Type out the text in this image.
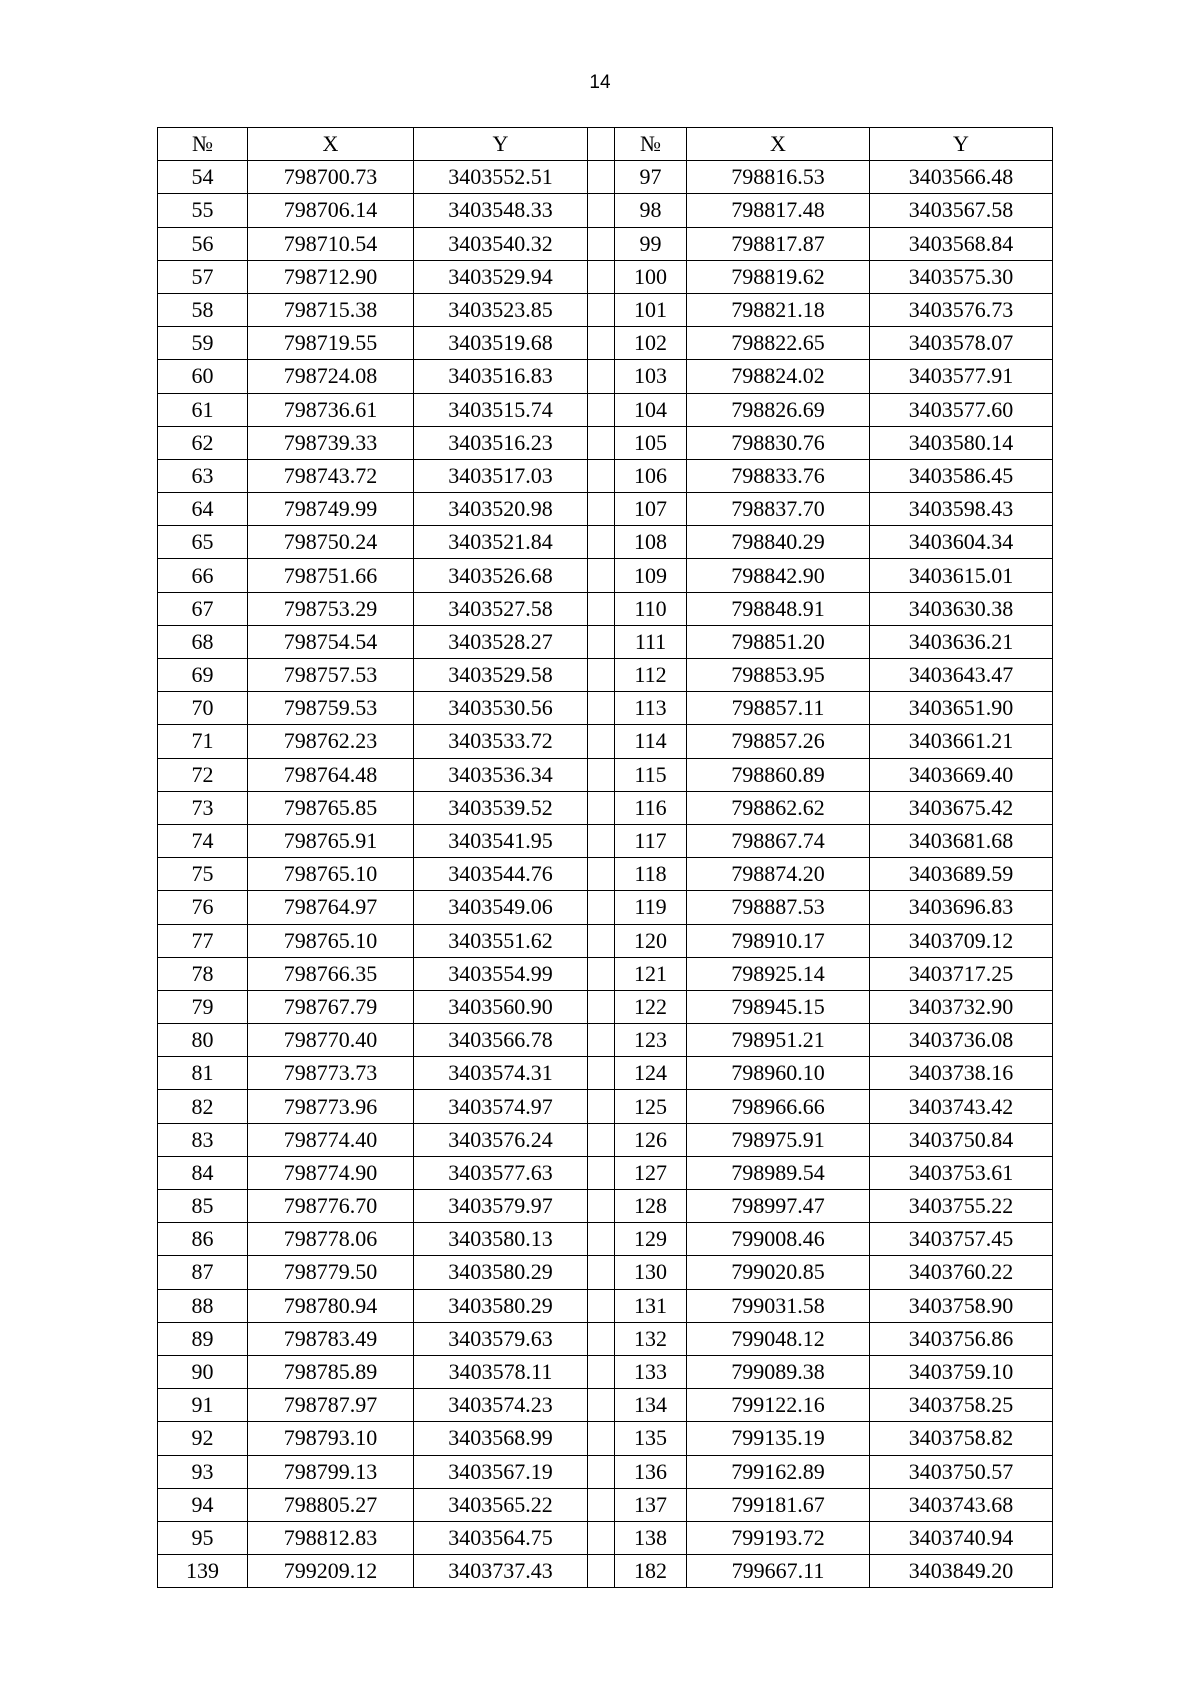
14
№	X	Y		№	X	Y
54	798700.73	3403552.51		97	798816.53	3403566.48
55	798706.14	3403548.33		98	798817.48	3403567.58
56	798710.54	3403540.32		99	798817.87	3403568.84
57	798712.90	3403529.94		100	798819.62	3403575.30
58	798715.38	3403523.85		101	798821.18	3403576.73
59	798719.55	3403519.68		102	798822.65	3403578.07
60	798724.08	3403516.83		103	798824.02	3403577.91
61	798736.61	3403515.74		104	798826.69	3403577.60
62	798739.33	3403516.23		105	798830.76	3403580.14
63	798743.72	3403517.03		106	798833.76	3403586.45
64	798749.99	3403520.98		107	798837.70	3403598.43
65	798750.24	3403521.84		108	798840.29	3403604.34
66	798751.66	3403526.68		109	798842.90	3403615.01
67	798753.29	3403527.58		110	798848.91	3403630.38
68	798754.54	3403528.27		111	798851.20	3403636.21
69	798757.53	3403529.58		112	798853.95	3403643.47
70	798759.53	3403530.56		113	798857.11	3403651.90
71	798762.23	3403533.72		114	798857.26	3403661.21
72	798764.48	3403536.34		115	798860.89	3403669.40
73	798765.85	3403539.52		116	798862.62	3403675.42
74	798765.91	3403541.95		117	798867.74	3403681.68
75	798765.10	3403544.76		118	798874.20	3403689.59
76	798764.97	3403549.06		119	798887.53	3403696.83
77	798765.10	3403551.62		120	798910.17	3403709.12
78	798766.35	3403554.99		121	798925.14	3403717.25
79	798767.79	3403560.90		122	798945.15	3403732.90
80	798770.40	3403566.78		123	798951.21	3403736.08
81	798773.73	3403574.31		124	798960.10	3403738.16
82	798773.96	3403574.97		125	798966.66	3403743.42
83	798774.40	3403576.24		126	798975.91	3403750.84
84	798774.90	3403577.63		127	798989.54	3403753.61
85	798776.70	3403579.97		128	798997.47	3403755.22
86	798778.06	3403580.13		129	799008.46	3403757.45
87	798779.50	3403580.29		130	799020.85	3403760.22
88	798780.94	3403580.29		131	799031.58	3403758.90
89	798783.49	3403579.63		132	799048.12	3403756.86
90	798785.89	3403578.11		133	799089.38	3403759.10
91	798787.97	3403574.23		134	799122.16	3403758.25
92	798793.10	3403568.99		135	799135.19	3403758.82
93	798799.13	3403567.19		136	799162.89	3403750.57
94	798805.27	3403565.22		137	799181.67	3403743.68
95	798812.83	3403564.75		138	799193.72	3403740.94
139	799209.12	3403737.43		182	799667.11	3403849.20
